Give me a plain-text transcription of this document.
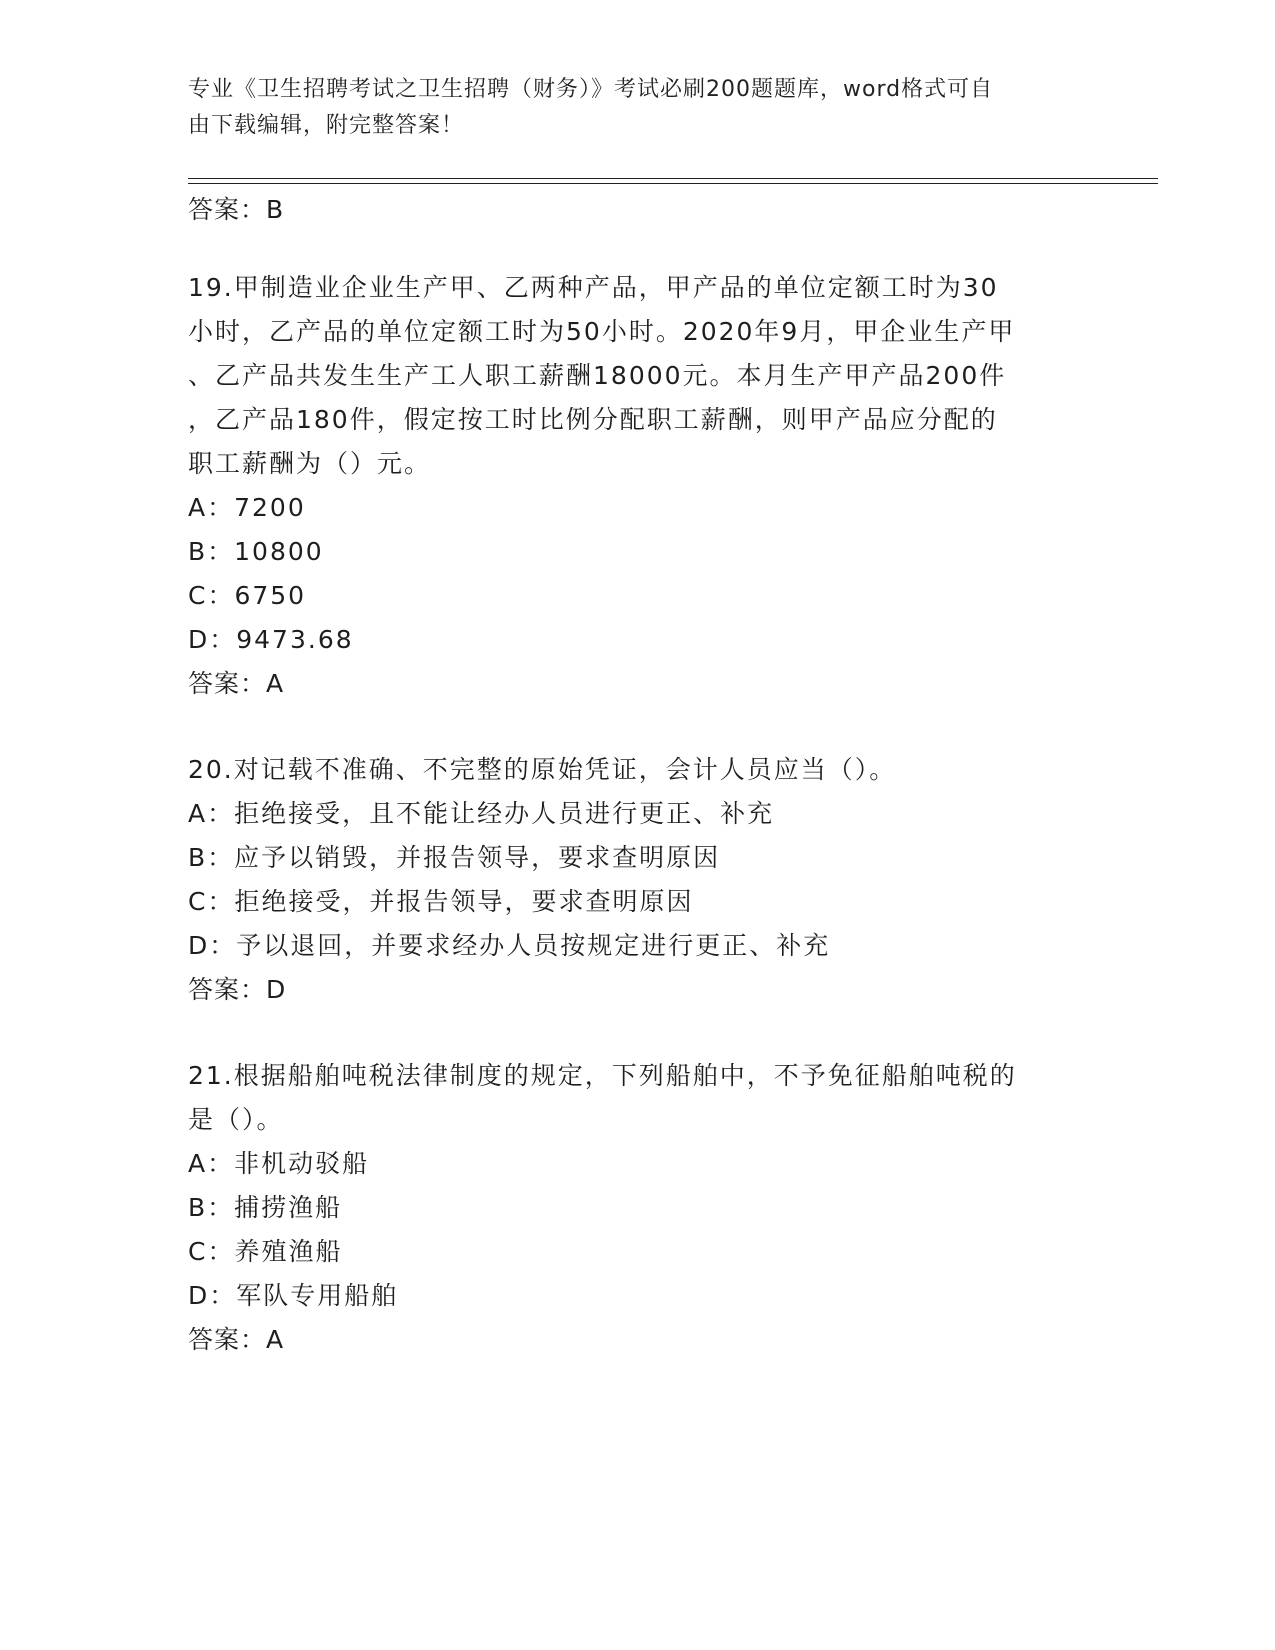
专业《卫生招聘考试之卫生招聘（财务）》考试必刷200题题库，word格式可自
由下载编辑，附完整答案！
答案：B
19.甲制造业企业生产甲、乙两种产品，甲产品的单位定额工时为30
小时，乙产品的单位定额工时为50小时。2020年9月，甲企业生产甲
、乙产品共发生生产工人职工薪酬18000元。本月生产甲产品200件
，乙产品180件，假定按工时比例分配职工薪酬，则甲产品应分配的
职工薪酬为（）元。
A：7200
B：10800
C：6750
D：9473.68
答案：A
20.对记载不准确、不完整的原始凭证，会计人员应当（）。
A：拒绝接受，且不能让经办人员进行更正、补充
B：应予以销毁，并报告领导，要求查明原因
C：拒绝接受，并报告领导，要求查明原因
D：予以退回，并要求经办人员按规定进行更正、补充
答案：D
21.根据船舶吨税法律制度的规定，下列船舶中，不予免征船舶吨税的
是（）。
A：非机动驳船
B：捕捞渔船
C：养殖渔船
D：军队专用船舶
答案：A
